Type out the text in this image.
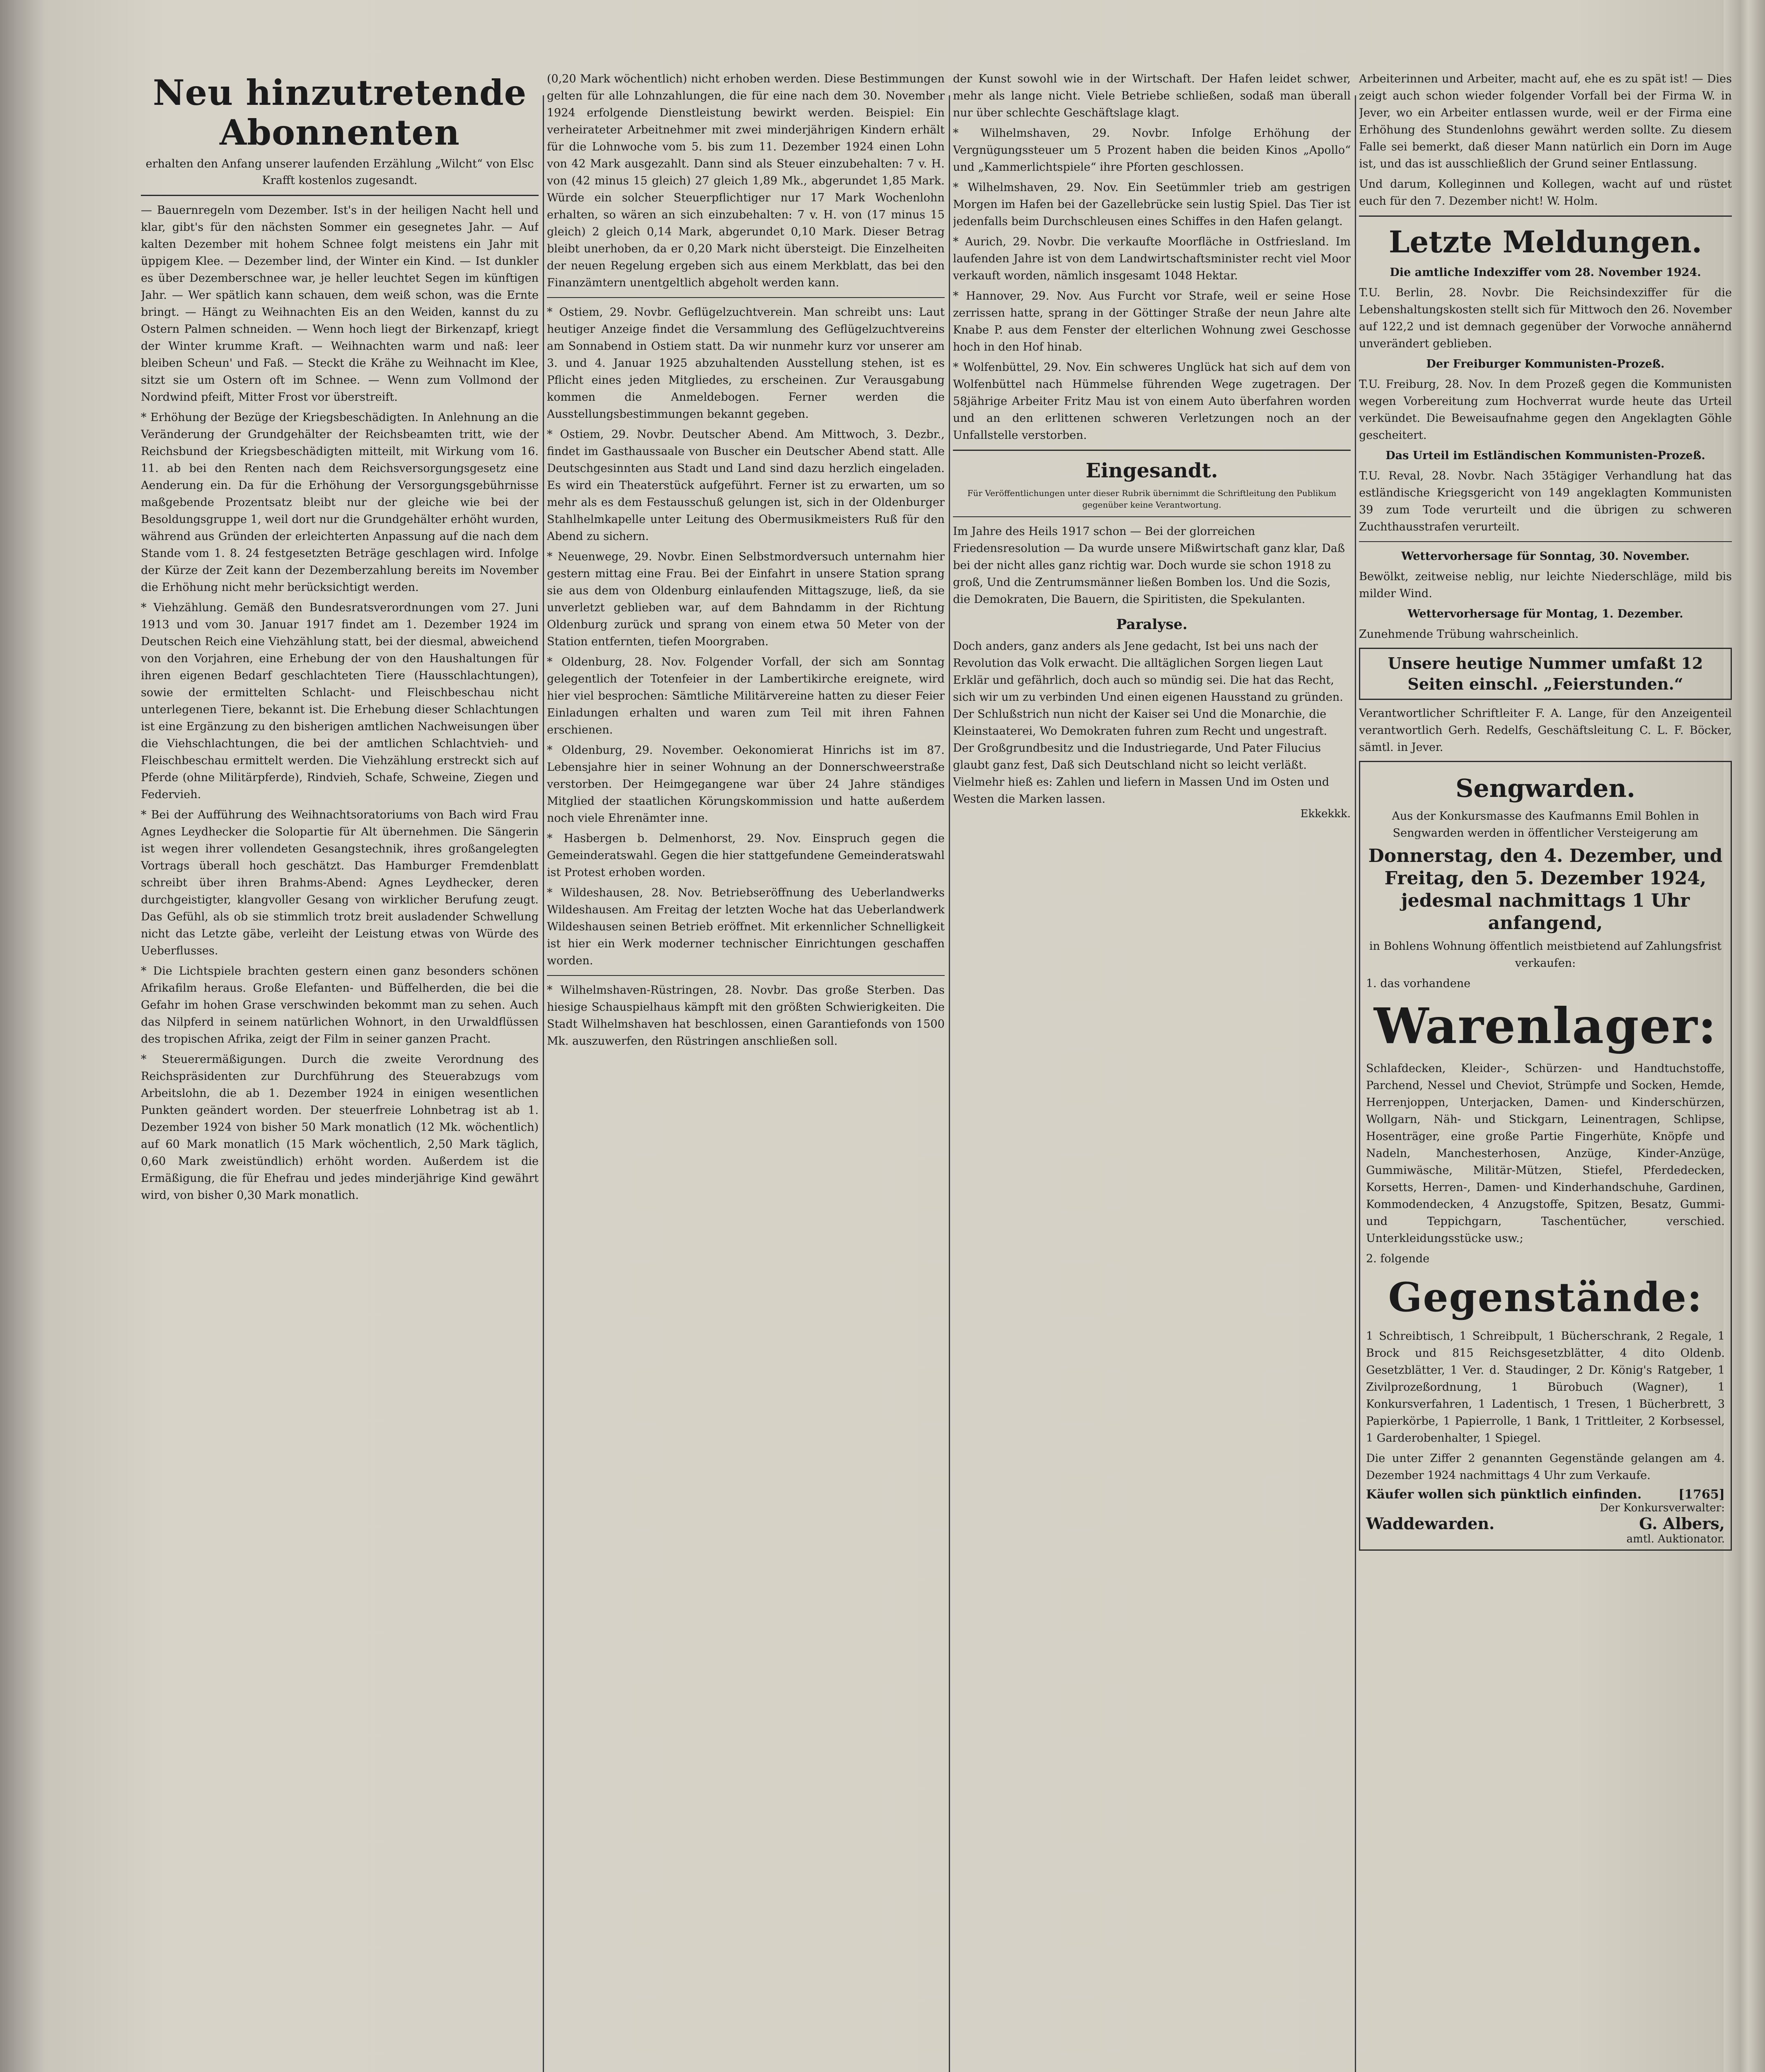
Neu hinzutretende Abonnenten
erhalten den Anfang unserer laufenden Erzählung „Wilcht“ von Elsc Krafft kostenlos zugesandt.

— Bauernregeln vom Dezember. Ist's in der heiligen Nacht hell und klar, gibt's für den nächsten Sommer ein gesegnetes Jahr. — Auf kalten Dezember mit hohem Schnee folgt meistens ein Jahr mit üppigem Klee. — Dezember lind, der Winter ein Kind. — Ist dunkler es über Dezemberschnee war, je heller leuchtet Segen im künftigen Jahr. — Wer spätlich kann schauen, dem weiß schon, was die Ernte bringt. — Hängt zu Weihnachten Eis an den Weiden, kannst du zu Ostern Palmen schneiden. — Wenn hoch liegt der Birkenzapf, kriegt der Winter krumme Kraft. — Weihnachten warm und naß: leer bleiben Scheun' und Faß. — Steckt die Krähe zu Weihnacht im Klee, sitzt sie um Ostern oft im Schnee. — Wenn zum Vollmond der Nordwind pfeift, Mitter Frost vor überstreift.

* Erhöhung der Bezüge der Kriegsbeschädigten. In Anlehnung an die Veränderung der Grundgehälter der Reichsbeamten tritt, wie der Reichsbund der Kriegsbeschädigten mitteilt, mit Wirkung vom 16. 11. ab bei den Renten nach dem Reichsversorgungsgesetz eine Aenderung ein. Da für die Erhöhung der Versorgungsgebührnisse maßgebende Prozentsatz bleibt nur der gleiche wie bei der Besoldungsgruppe 1, weil dort nur die Grundgehälter erhöht wurden, während aus Gründen der erleichterten Anpassung auf die nach dem Stande vom 1. 8. 24 festgesetzten Beträge geschlagen wird. Infolge der Kürze der Zeit kann der Dezemberzahlung bereits im November die Erhöhung nicht mehr berücksichtigt werden.

* Viehzählung. Gemäß den Bundesratsverordnungen vom 27. Juni 1913 und vom 30. Januar 1917 findet am 1. Dezember 1924 im Deutschen Reich eine Viehzählung statt, bei der diesmal, abweichend von den Vorjahren, eine Erhebung der von den Haushaltungen für ihren eigenen Bedarf geschlachteten Tiere (Hausschlachtungen), sowie der ermittelten Schlacht- und Fleischbeschau nicht unterlegenen Tiere, bekannt ist. Die Erhebung dieser Schlachtungen ist eine Ergänzung zu den bisherigen amtlichen Nachweisungen über die Viehschlachtungen, die bei der amtlichen Schlachtvieh- und Fleischbeschau ermittelt werden. Die Viehzählung erstreckt sich auf Pferde (ohne Militärpferde), Rindvieh, Schafe, Schweine, Ziegen und Federvieh.

* Bei der Aufführung des Weihnachtsoratoriums von Bach wird Frau Agnes Leydhecker die Solopartie für Alt übernehmen. Die Sängerin ist wegen ihrer vollendeten Gesangstechnik, ihres großangelegten Vortrags überall hoch geschätzt. Das Hamburger Fremdenblatt schreibt über ihren Brahms-Abend: Agnes Leydhecker, deren durchgeistigter, klangvoller Gesang von wirklicher Berufung zeugt. Das Gefühl, als ob sie stimmlich trotz breit ausladender Schwellung nicht das Letzte gäbe, verleiht der Leistung etwas von Würde des Ueberflusses.

* Die Lichtspiele brachten gestern einen ganz besonders schönen Afrikafilm heraus. Große Elefanten- und Büffelherden, die bei die Gefahr im hohen Grase verschwinden bekommt man zu sehen. Auch das Nilpferd in seinem natürlichen Wohnort, in den Urwaldflüssen des tropischen Afrika, zeigt der Film in seiner ganzen Pracht.

* Steuerermäßigungen. Durch die zweite Verordnung des Reichspräsidenten zur Durchführung des Steuerabzugs vom Arbeitslohn, die ab 1. Dezember 1924 in einigen wesentlichen Punkten geändert worden. Der steuerfreie Lohnbetrag ist ab 1. Dezember 1924 von bisher 50 Mark monatlich (12 Mk. wöchentlich) auf 60 Mark monatlich (15 Mark wöchentlich, 2,50 Mark täglich, 0,60 Mark zweistündlich) erhöht worden. Außerdem ist die Ermäßigung, die für Ehefrau und jedes minderjährige Kind gewährt wird, von bisher 0,30 Mark monatlich.

(0,20 Mark wöchentlich) nicht erhoben werden. Diese Bestimmungen gelten für alle Lohnzahlungen, die für eine nach dem 30. November 1924 erfolgende Dienstleistung bewirkt werden. Beispiel: Ein verheirateter Arbeitnehmer mit zwei minderjährigen Kindern erhält für die Lohnwoche vom 5. bis zum 11. Dezember 1924 einen Lohn von 42 Mark ausgezahlt. Dann sind als Steuer einzubehalten: 7 v. H. von (42 minus 15 gleich) 27 gleich 1,89 Mk., abgerundet 1,85 Mark. Würde ein solcher Steuerpflichtiger nur 17 Mark Wochenlohn erhalten, so wären an sich einzubehalten: 7 v. H. von (17 minus 15 gleich) 2 gleich 0,14 Mark, abgerundet 0,10 Mark. Dieser Betrag bleibt unerhoben, da er 0,20 Mark nicht übersteigt. Die Einzelheiten der neuen Regelung ergeben sich aus einem Merkblatt, das bei den Finanzämtern unentgeltlich abgeholt werden kann.

* Ostiem, 29. Novbr. Geflügelzuchtverein. Man schreibt uns: Laut heutiger Anzeige findet die Versammlung des Geflügelzuchtvereins am Sonnabend in Ostiem statt. Da wir nunmehr kurz vor unserer am 3. und 4. Januar 1925 abzuhaltenden Ausstellung stehen, ist es Pflicht eines jeden Mitgliedes, zu erscheinen. Zur Verausgabung kommen die Anmeldebogen. Ferner werden die Ausstellungsbestimmungen bekannt gegeben.

* Ostiem, 29. Novbr. Deutscher Abend. Am Mittwoch, 3. Dezbr., findet im Gasthaussaale von Buscher ein Deutscher Abend statt. Alle Deutschgesinnten aus Stadt und Land sind dazu herzlich eingeladen. Es wird ein Theaterstück aufgeführt. Ferner ist zu erwarten, um so mehr als es dem Festausschuß gelungen ist, sich in der Oldenburger Stahlhelmkapelle unter Leitung des Obermusikmeisters Ruß für den Abend zu sichern.

* Neuenwege, 29. Novbr. Einen Selbstmordversuch unternahm hier gestern mittag eine Frau. Bei der Einfahrt in unsere Station sprang sie aus dem von Oldenburg einlaufenden Mittagszuge, ließ, da sie unverletzt geblieben war, auf dem Bahndamm in der Richtung Oldenburg zurück und sprang von einem etwa 50 Meter von der Station entfernten, tiefen Moorgraben.

* Oldenburg, 28. Nov. Folgender Vorfall, der sich am Sonntag gelegentlich der Totenfeier in der Lambertikirche ereignete, wird hier viel besprochen: Sämtliche Militärvereine hatten zu dieser Feier Einladungen erhalten und waren zum Teil mit ihren Fahnen erschienen.

* Oldenburg, 29. November. Oekonomierat Hinrichs ist im 87. Lebensjahre hier in seiner Wohnung an der Donnerschweerstraße verstorben. Der Heimgegangene war über 24 Jahre ständiges Mitglied der staatlichen Körungskommission und hatte außerdem noch viele Ehrenämter inne.

* Hasbergen b. Delmenhorst, 29. Nov. Einspruch gegen die Gemeinderatswahl. Gegen die hier stattgefundene Gemeinderatswahl ist Protest erhoben worden.

* Wildeshausen, 28. Nov. Betriebseröffnung des Ueberlandwerks Wildeshausen. Am Freitag der letzten Woche hat das Ueberlandwerk Wildeshausen seinen Betrieb eröffnet. Mit erkennlicher Schnelligkeit ist hier ein Werk moderner technischer Einrichtungen geschaffen worden.

* Wilhelmshaven-Rüstringen, 28. Novbr. Das große Sterben. Das hiesige Schauspielhaus kämpft mit den größten Schwierigkeiten. Die Stadt Wilhelmshaven hat beschlossen, einen Garantiefonds von 1500 Mk. auszuwerfen, den Rüstringen anschließen soll.

der Kunst sowohl wie in der Wirtschaft. Der Hafen leidet schwer, mehr als lange nicht. Viele Betriebe schließen, sodaß man überall nur über schlechte Geschäftslage klagt.

* Wilhelmshaven, 29. Novbr. Infolge Erhöhung der Vergnügungssteuer um 5 Prozent haben die beiden Kinos „Apollo“ und „Kammerlichtspiele“ ihre Pforten geschlossen.

* Wilhelmshaven, 29. Nov. Ein Seetümmler trieb am gestrigen Morgen im Hafen bei der Gazellebrücke sein lustig Spiel. Das Tier ist jedenfalls beim Durchschleusen eines Schiffes in den Hafen gelangt.

* Aurich, 29. Novbr. Die verkaufte Moorfläche in Ostfriesland. Im laufenden Jahre ist von dem Landwirtschaftsminister recht viel Moor verkauft worden, nämlich insgesamt 1048 Hektar.

* Hannover, 29. Nov. Aus Furcht vor Strafe, weil er seine Hose zerrissen hatte, sprang in der Göttinger Straße der neun Jahre alte Knabe P. aus dem Fenster der elterlichen Wohnung zwei Geschosse hoch in den Hof hinab.

* Wolfenbüttel, 29. Nov. Ein schweres Unglück hat sich auf dem von Wolfenbüttel nach Hümmelse führenden Wege zugetragen. Der 58jährige Arbeiter Fritz Mau ist von einem Auto überfahren worden und an den erlittenen schweren Verletzungen noch an der Unfallstelle verstorben.

Eingesandt.
Für Veröffentlichungen unter dieser Rubrik übernimmt die Schriftleitung den Publikum gegenüber keine Verantwortung.

Im Jahre des Heils 1917 schon — Bei der glorreichen Friedensresolution — Da wurde unsere Mißwirtschaft ganz klar, Daß bei der nicht alles ganz richtig war. Doch wurde sie schon 1918 zu groß, Und die Zentrumsmänner ließen Bomben los. Und die Sozis, die Demokraten, Die Bauern, die Spiritisten, die Spekulanten.

Paralyse.

Doch anders, ganz anders als Jene gedacht, Ist bei uns nach der Revolution das Volk erwacht. Die alltäglichen Sorgen liegen Laut Erklär und gefährlich, doch auch so mündig sei. Die hat das Recht, sich wir um zu verbinden Und einen eigenen Hausstand zu gründen. Der Schlußstrich nun nicht der Kaiser sei Und die Monarchie, die Kleinstaaterei, Wo Demokraten fuhren zum Recht und ungestraft. Der Großgrundbesitz und die Industriegarde, Und Pater Filucius glaubt ganz fest, Daß sich Deutschland nicht so leicht verläßt. Vielmehr hieß es: Zahlen und liefern in Massen Und im Osten und Westen die Marken lassen.

Ekkekkk.

Arbeiterinnen und Arbeiter, macht auf, ehe es zu spät ist! — Dies zeigt auch schon wieder folgender Vorfall bei der Firma W. in Jever, wo ein Arbeiter entlassen wurde, weil er der Firma eine Erhöhung des Stundenlohns gewährt werden sollte. Zu diesem Falle sei bemerkt, daß dieser Mann natürlich ein Dorn im Auge ist, und das ist ausschließlich der Grund seiner Entlassung.

Und darum, Kolleginnen und Kollegen, wacht auf und rüstet euch für den 7. Dezember nicht! W. Holm.

Letzte Meldungen.

Die amtliche Indexziffer vom 28. November 1924.

T.U. Berlin, 28. Novbr. Die Reichsindexziffer für die Lebenshaltungskosten stellt sich für Mittwoch den 26. November auf 122,2 und ist demnach gegenüber der Vorwoche annähernd unverändert geblieben.

Der Freiburger Kommunisten-Prozeß.

T.U. Freiburg, 28. Nov. In dem Prozeß gegen die Kommunisten wegen Vorbereitung zum Hochverrat wurde heute das Urteil verkündet. Die Beweisaufnahme gegen den Angeklagten Göhle gescheitert.

Das Urteil im Estländischen Kommunisten-Prozeß.

T.U. Reval, 28. Novbr. Nach 35tägiger Verhandlung hat das estländische Kriegsgericht von 149 angeklagten Kommunisten 39 zum Tode verurteilt und die übrigen zu schweren Zuchthausstrafen verurteilt.

Wettervorhersage für Sonntag, 30. November.

Bewölkt, zeitweise neblig, nur leichte Niederschläge, mild bis milder Wind.

Wettervorhersage für Montag, 1. Dezember.

Zunehmende Trübung wahrscheinlich.

Unsere heutige Nummer umfaßt 12 Seiten einschl. „Feierstunden.“

Verantwortlicher Schriftleiter F. A. Lange, für den Anzeigenteil verantwortlich Gerh. Redelfs, Geschäftsleitung C. L. F. Böcker, sämtl. in Jever.

Sengwarden.

Aus der Konkursmasse des Kaufmanns Emil Bohlen in Sengwarden werden in öffentlicher Versteigerung am

Donnerstag, den 4. Dezember, und Freitag, den 5. Dezember 1924, jedesmal nachmittags 1 Uhr anfangend,

in Bohlens Wohnung öffentlich meistbietend auf Zahlungsfrist verkaufen:

1. das vorhandene

Warenlager:

Schlafdecken, Kleider-, Schürzen- und Handtuchstoffe, Parchend, Nessel und Cheviot, Strümpfe und Socken, Hemde, Herrenjoppen, Unterjacken, Damen- und Kinderschürzen, Wollgarn, Näh- und Stickgarn, Leinentragen, Schlipse, Hosenträger, eine große Partie Fingerhüte, Knöpfe und Nadeln, Manchesterhosen, Anzüge, Kinder-Anzüge, Gummiwäsche, Militär-Mützen, Stiefel, Pferdedecken, Korsetts, Herren-, Damen- und Kinderhandschuhe, Gardinen, Kommodendecken, 4 Anzugstoffe, Spitzen, Besatz, Gummi- und Teppichgarn, Taschentücher, verschied. Unterkleidungsstücke usw.;

2. folgende

Gegenstände:

1 Schreibtisch, 1 Schreibpult, 1 Bücherschrank, 2 Regale, 1 Brock und 815 Reichsgesetzblätter, 4 dito Oldenb. Gesetzblätter, 1 Ver. d. Staudinger, 2 Dr. König's Ratgeber, 1 Zivilprozeßordnung, 1 Bürobuch (Wagner), 1 Konkursverfahren, 1 Ladentisch, 1 Tresen, 1 Bücherbrett, 3 Papierkörbe, 1 Papierrolle, 1 Bank, 1 Trittleiter, 2 Korbsessel, 1 Garderobenhalter, 1 Spiegel.

Die unter Ziffer 2 genannten Gegenstände gelangen am 4. Dezember 1924 nachmittags 4 Uhr zum Verkaufe.

Käufer wollen sich pünktlich einfinden.	[1765]
Der Konkursverwalter:
Waddewarden.	G. Albers,
amtl. Auktionator.
